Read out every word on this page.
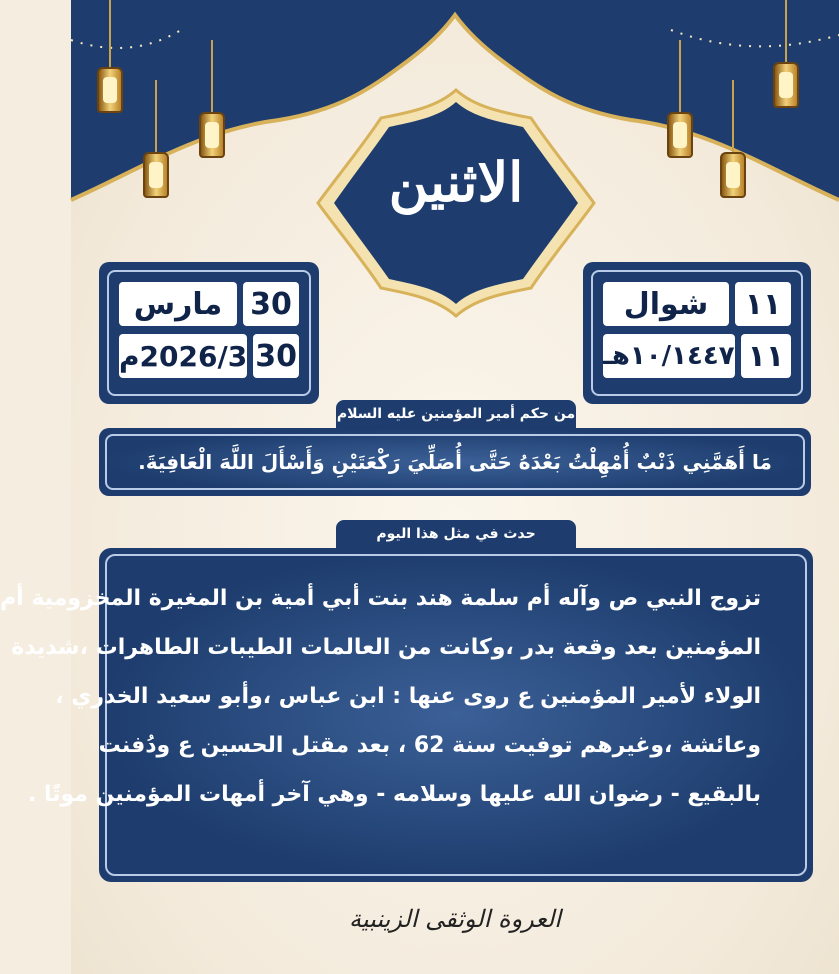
الاثنين
30
مارس
30
2026/3م
١١
شوال
١١
١٠/١٤٤٧هـ
من حكم أمير المؤمنين عليه السلام
مَا أَهَمَّنِي ذَنْبٌ أُمْهِلْتُ بَعْدَهُ حَتَّى أُصَلِّيَ رَكْعَتَيْنِ وَأَسْأَلَ اللَّهَ الْعَافِيَةَ.
حدث في مثل هذا اليوم
تزوج النبي ص وآله أم سلمة هند بنت أبي أمية بن المغيرة المخزومية أم
المؤمنين بعد وقعة بدر ،وكانت من العالمات الطيبات الطاهرات ،شديدة
الولاء لأمير المؤمنين ع روى عنها : ابن عباس ،وأبو سعيد الخدري ،
وعائشة ،وغيرهم توفيت سنة 62 ، بعد مقتل الحسين ع ودُفنت
بالبقيع - رضوان الله عليها وسلامه - وهي آخر أمهات المؤمنين موتًا .
العروة الوثقى الزينبية
